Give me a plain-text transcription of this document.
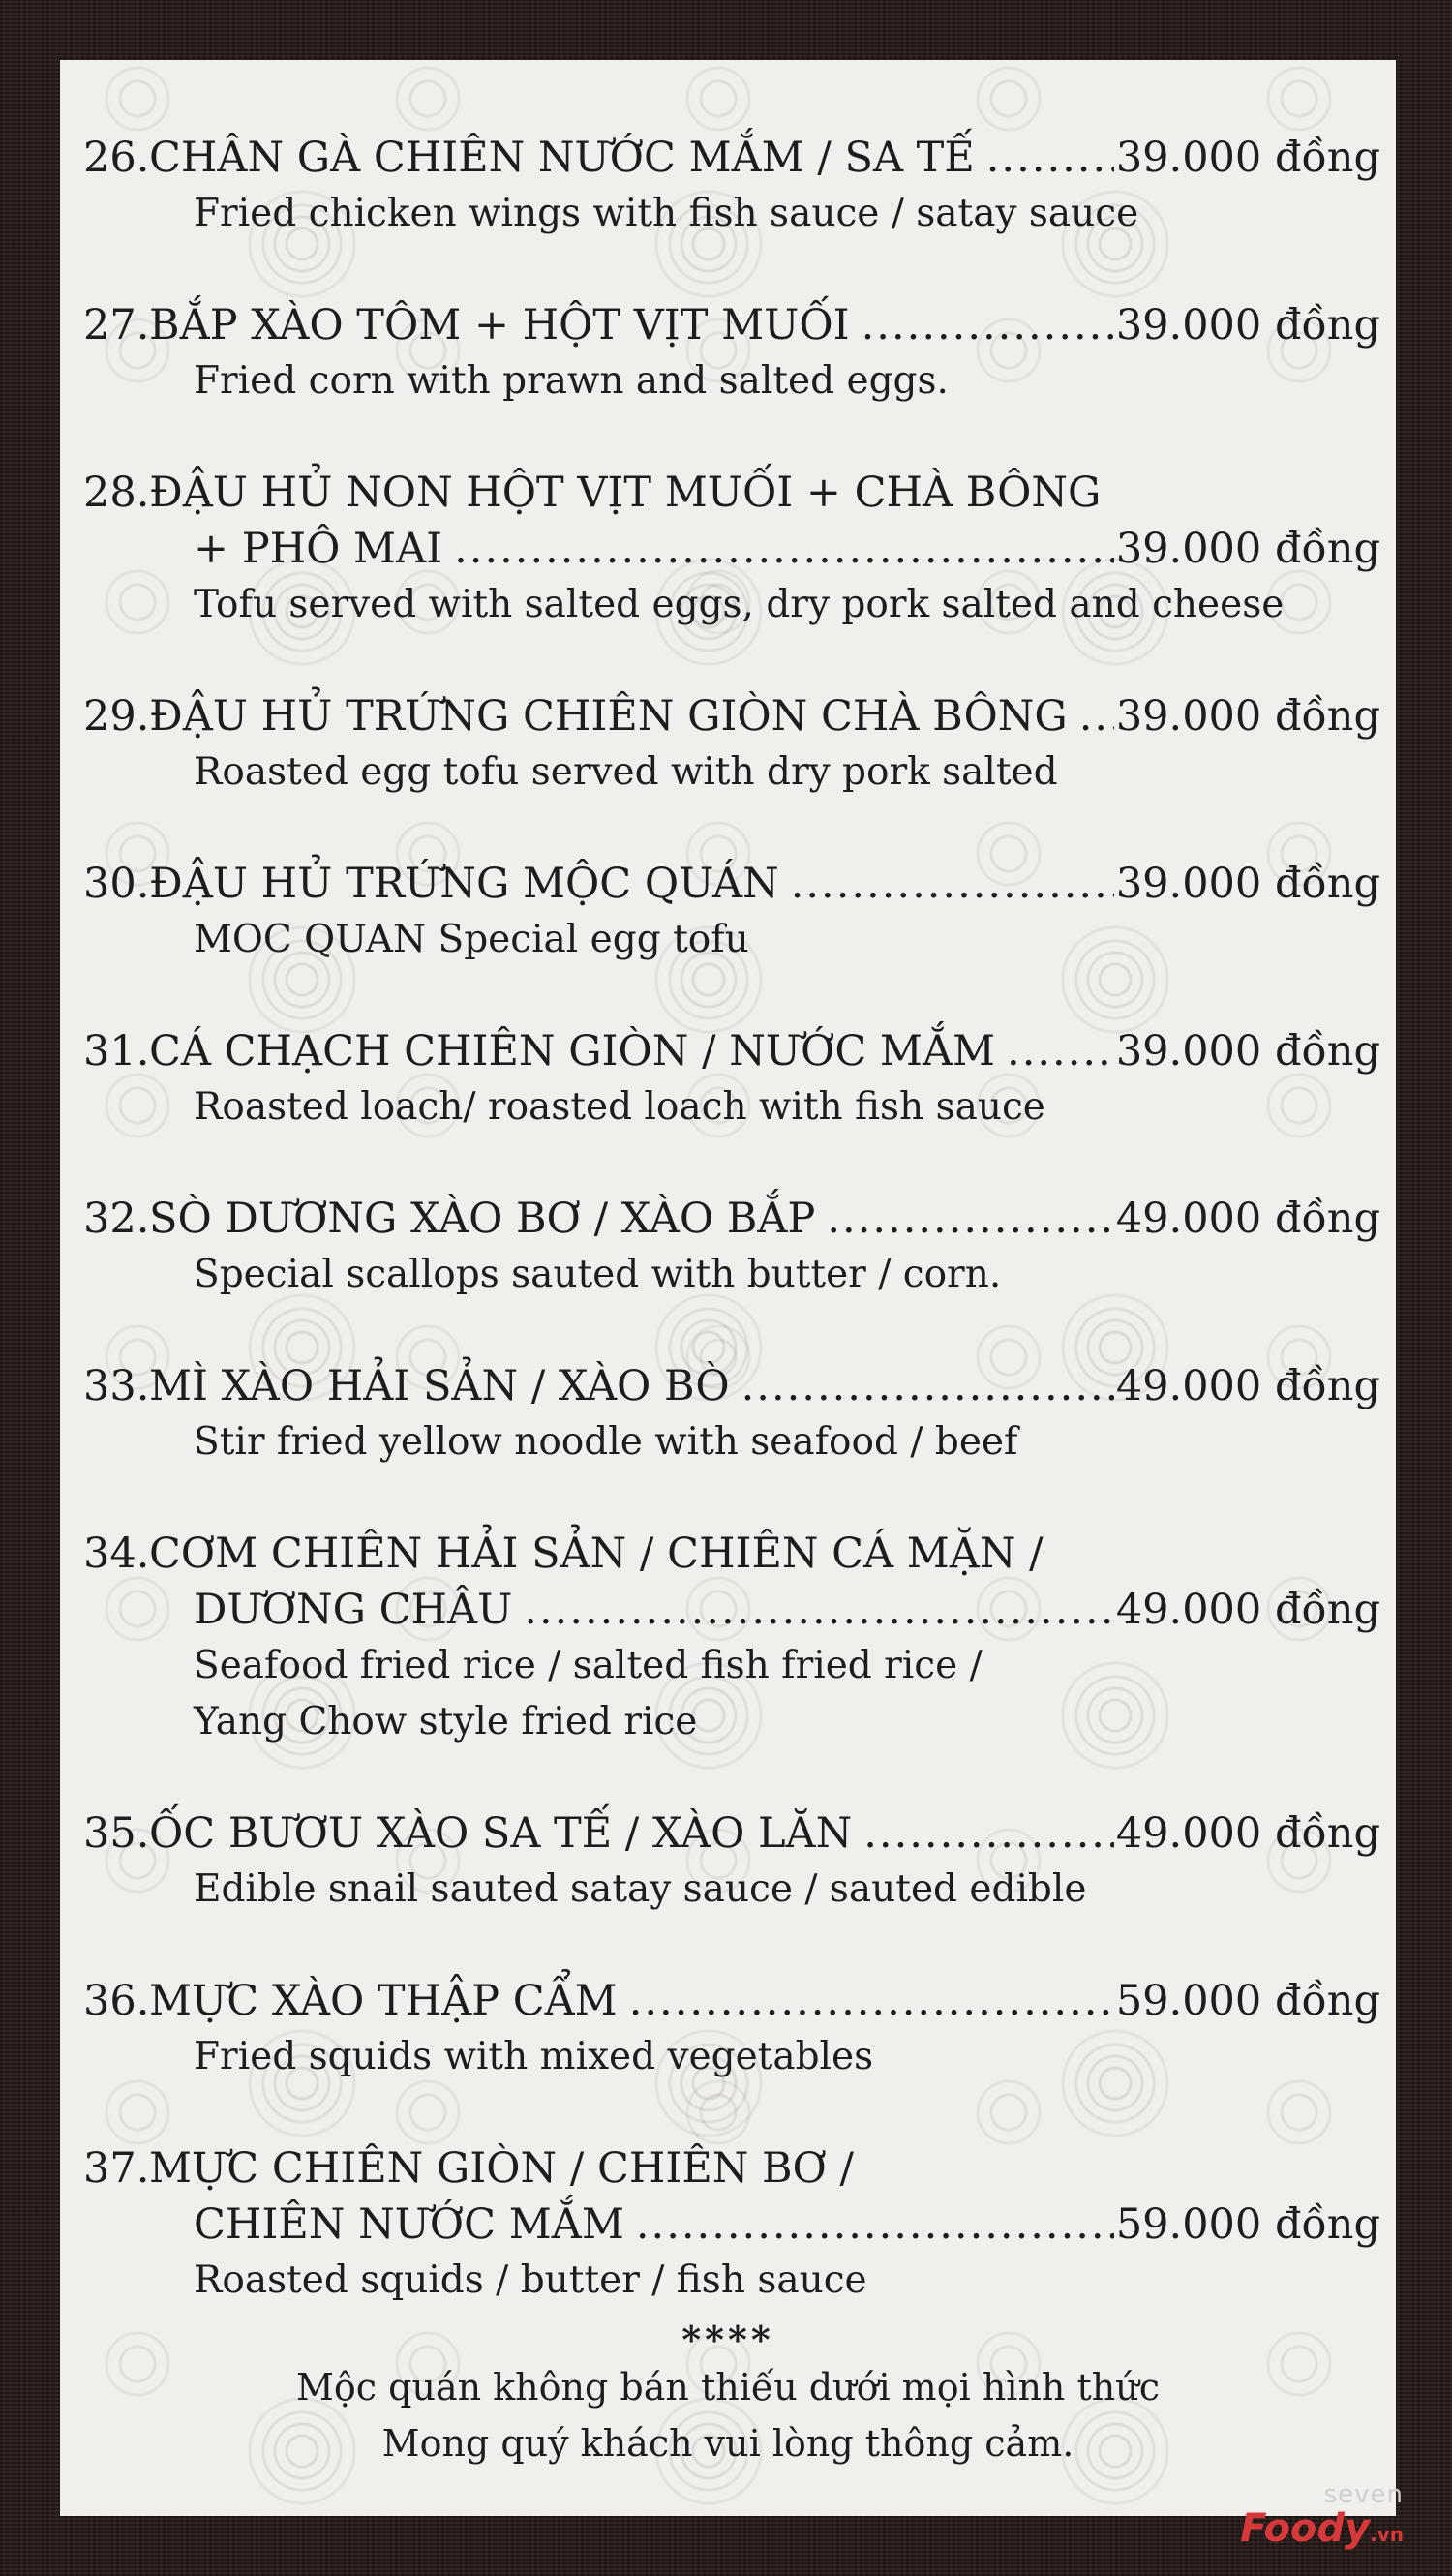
26. CHÂN GÀ CHIÊN NƯỚC MẮM / SA TẾ .....	39.000 đồng
Fried chicken wings with fish sauce / satay sauce
27. BẮP XÀO TÔM + HỘT VỊT MUỐI .....	39.000 đồng
Fried corn with prawn and salted eggs.
28. ĐẬU HỦ NON HỘT VỊT MUỐI + CHÀ BÔNG
+ PHÔ MAI .....	39.000 đồng
Tofu served with salted eggs, dry pork salted and cheese
29. ĐẬU HỦ TRỨNG CHIÊN GIÒN CHÀ BÔNG ..... 39.000 đồng
Roasted egg tofu served with dry pork salted
30. ĐẬU HỦ TRỨNG MỘC QUÁN .....	39.000 đồng
MOC QUAN Special egg tofu
31. CÁ CHẠCH CHIÊN GIÒN / NƯỚC MẮM .....	39.000 đồng
Roasted loach/ roasted loach with fish sauce
32. SÒ DƯƠNG XÀO BƠ / XÀO BẮP .....	49.000 đồng
Special scallops sauted with butter / corn.
33. MÌ XÀO HẢI SẢN / XÀO BÒ .....	49.000 đồng
Stir fried yellow noodle with seafood / beef
34. CƠM CHIÊN HẢI SẢN / CHIÊN CÁ MẶN /
DƯƠNG CHÂU .....	49.000 đồng
Seafood fried rice / salted fish fried rice /
Yang Chow style fried rice
35. ỐC BƯƠU XÀO SA TẾ / XÀO LĂN .....	49.000 đồng
Edible snail sauted satay sauce / sauted edible
36. MỰC XÀO THẬP CẨM .....	59.000 đồng
Fried squids with mixed vegetables
37. MỰC CHIÊN GIÒN / CHIÊN BƠ /
CHIÊN NƯỚC MẮM .....	59.000 đồng
Roasted squids / butter / fish sauce
****
Mộc quán không bán thiếu dưới mọi hình thức
Mong quý khách vui lòng thông cảm.
seven
Foody.vn
